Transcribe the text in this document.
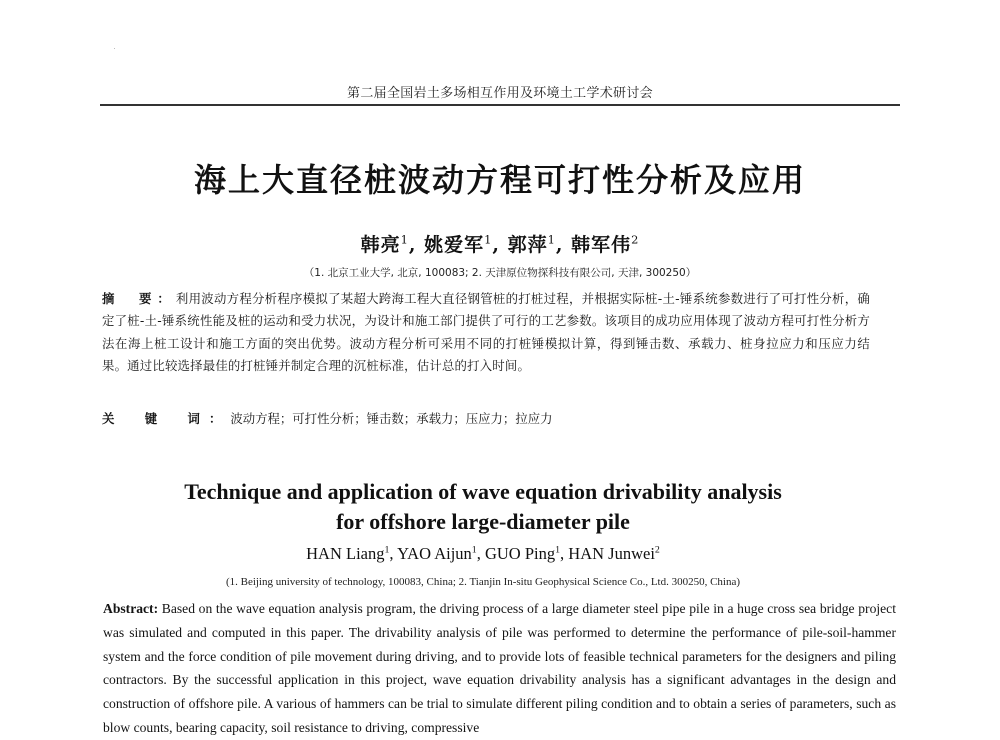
第二届全国岩土多场相互作用及环境土工学术研讨会
海上大直径桩波动方程可打性分析及应用
韩亮$^1$, 姚爱军$^1$, 郭萍$^1$, 韩军伟$^2$
（1. 北京工业大学, 北京, 100083; 2. 天津原位物探科技有限公司, 天津, 300250）
摘　要：利用波动方程分析程序模拟了某超大跨海工程大直径钢管桩的打桩过程，并根据实际桩-土-锤系统参数进行了可打性分析，确定了桩-土-锤系统性能及桩的运动和受力状况，为设计和施工部门提供了可行的工艺参数。该项目的成功应用体现了波动方程可打性分析方法在海上桩工设计和施工方面的突出优势。波动方程分析可采用不同的打桩锤模拟计算，得到锤击数、承载力、桩身拉应力和压应力结果。通过比较选择最佳的打桩锤并制定合理的沉桩标准，估计总的打入时间。
关　键　词：波动方程；可打性分析；锤击数；承载力；压应力；拉应力
Technique and application of wave equation drivability analysis
for offshore large-diameter pile
HAN Liang$^1$, YAO Aijun$^1$, GUO Ping$^1$, HAN Junwei$^2$
(1. Beijing university of technology, 100083, China; 2. Tianjin In-situ Geophysical Science Co., Ltd. 300250, China)
Abstract: Based on the wave equation analysis program, the driving process of a large diameter steel pipe pile in a huge cross sea bridge project was simulated and computed in this paper. The drivability analysis of pile was performed to determine the performance of pile-soil-hammer system and the force condition of pile movement during driving, and to provide lots of feasible technical parameters for the designers and piling contractors. By the successful application in this project, wave equation drivability analysis has a significant advantages in the design and construction of offshore pile. A various of hammers can be trial to simulate different piling condition and to obtain a series of parameters, such as blow counts, bearing capacity, soil resistance to driving, compressive
